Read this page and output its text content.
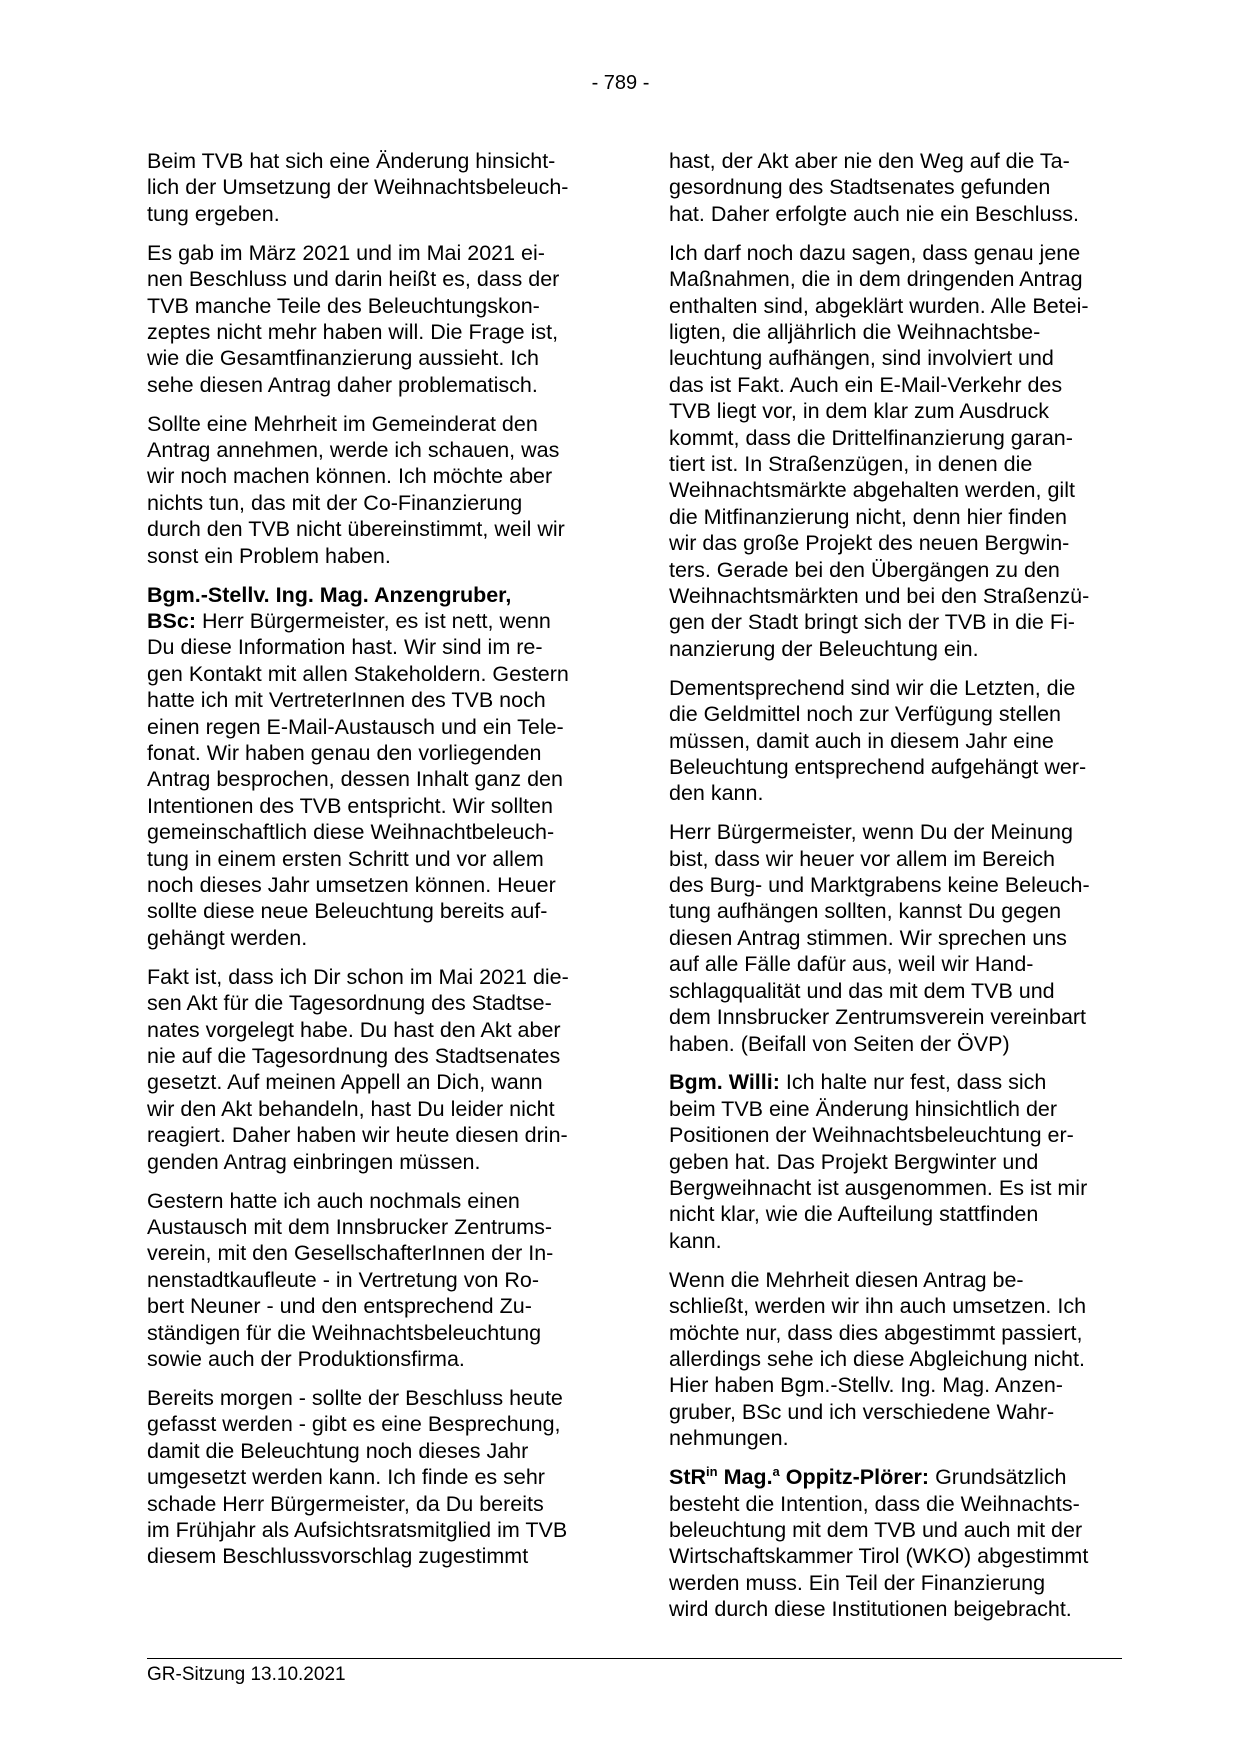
- 789 -

Beim TVB hat sich eine Änderung hinsicht-
lich der Umsetzung der Weihnachtsbeleuch-
tung ergeben.

Es gab im März 2021 und im Mai 2021 ei-
nen Beschluss und darin heißt es, dass der
TVB manche Teile des Beleuchtungskon-
zeptes nicht mehr haben will. Die Frage ist,
wie die Gesamtfinanzierung aussieht. Ich
sehe diesen Antrag daher problematisch.

Sollte eine Mehrheit im Gemeinderat den
Antrag annehmen, werde ich schauen, was
wir noch machen können. Ich möchte aber
nichts tun, das mit der Co-Finanzierung
durch den TVB nicht übereinstimmt, weil wir
sonst ein Problem haben.

Bgm.-Stellv. Ing. Mag. Anzengruber,
BSc: Herr Bürgermeister, es ist nett, wenn
Du diese Information hast. Wir sind im re-
gen Kontakt mit allen Stakeholdern. Gestern
hatte ich mit VertreterInnen des TVB noch
einen regen E-Mail-Austausch und ein Tele-
fonat. Wir haben genau den vorliegenden
Antrag besprochen, dessen Inhalt ganz den
Intentionen des TVB entspricht. Wir sollten
gemeinschaftlich diese Weihnachtbeleuch-
tung in einem ersten Schritt und vor allem
noch dieses Jahr umsetzen können. Heuer
sollte diese neue Beleuchtung bereits auf-
gehängt werden.

Fakt ist, dass ich Dir schon im Mai 2021 die-
sen Akt für die Tagesordnung des Stadtse-
nates vorgelegt habe. Du hast den Akt aber
nie auf die Tagesordnung des Stadtsenates
gesetzt. Auf meinen Appell an Dich, wann
wir den Akt behandeln, hast Du leider nicht
reagiert. Daher haben wir heute diesen drin-
genden Antrag einbringen müssen.

Gestern hatte ich auch nochmals einen
Austausch mit dem Innsbrucker Zentrums-
verein, mit den GesellschafterInnen der In-
nenstadtkaufleute - in Vertretung von Ro-
bert Neuner - und den entsprechend Zu-
ständigen für die Weihnachtsbeleuchtung
sowie auch der Produktionsfirma.

Bereits morgen - sollte der Beschluss heute
gefasst werden - gibt es eine Besprechung,
damit die Beleuchtung noch dieses Jahr
umgesetzt werden kann. Ich finde es sehr
schade Herr Bürgermeister, da Du bereits
im Frühjahr als Aufsichtsratsmitglied im TVB
diesem Beschlussvorschlag zugestimmt

hast, der Akt aber nie den Weg auf die Ta-
gesordnung des Stadtsenates gefunden
hat. Daher erfolgte auch nie ein Beschluss.

Ich darf noch dazu sagen, dass genau jene
Maßnahmen, die in dem dringenden Antrag
enthalten sind, abgeklärt wurden. Alle Betei-
ligten, die alljährlich die Weihnachtsbe-
leuchtung aufhängen, sind involviert und
das ist Fakt. Auch ein E-Mail-Verkehr des
TVB liegt vor, in dem klar zum Ausdruck
kommt, dass die Drittelfinanzierung garan-
tiert ist. In Straßenzügen, in denen die
Weihnachtsmärkte abgehalten werden, gilt
die Mitfinanzierung nicht, denn hier finden
wir das große Projekt des neuen Bergwin-
ters. Gerade bei den Übergängen zu den
Weihnachtsmärkten und bei den Straßenzü-
gen der Stadt bringt sich der TVB in die Fi-
nanzierung der Beleuchtung ein.

Dementsprechend sind wir die Letzten, die
die Geldmittel noch zur Verfügung stellen
müssen, damit auch in diesem Jahr eine
Beleuchtung entsprechend aufgehängt wer-
den kann.

Herr Bürgermeister, wenn Du der Meinung
bist, dass wir heuer vor allem im Bereich
des Burg- und Marktgrabens keine Beleuch-
tung aufhängen sollten, kannst Du gegen
diesen Antrag stimmen. Wir sprechen uns
auf alle Fälle dafür aus, weil wir Hand-
schlagqualität und das mit dem TVB und
dem Innsbrucker Zentrumsverein vereinbart
haben. (Beifall von Seiten der ÖVP)

Bgm. Willi: Ich halte nur fest, dass sich
beim TVB eine Änderung hinsichtlich der
Positionen der Weihnachtsbeleuchtung er-
geben hat. Das Projekt Bergwinter und
Bergweihnacht ist ausgenommen. Es ist mir
nicht klar, wie die Aufteilung stattfinden
kann.

Wenn die Mehrheit diesen Antrag be-
schließt, werden wir ihn auch umsetzen. Ich
möchte nur, dass dies abgestimmt passiert,
allerdings sehe ich diese Abgleichung nicht.
Hier haben Bgm.-Stellv. Ing. Mag. Anzen-
gruber, BSc und ich verschiedene Wahr-
nehmungen.

StR$^{in}$ Mag.$^a$ Oppitz-Plörer: Grundsätzlich
besteht die Intention, dass die Weihnachts-
beleuchtung mit dem TVB und auch mit der
Wirtschaftskammer Tirol (WKO) abgestimmt
werden muss. Ein Teil der Finanzierung
wird durch diese Institutionen beigebracht.

GR-Sitzung 13.10.2021
